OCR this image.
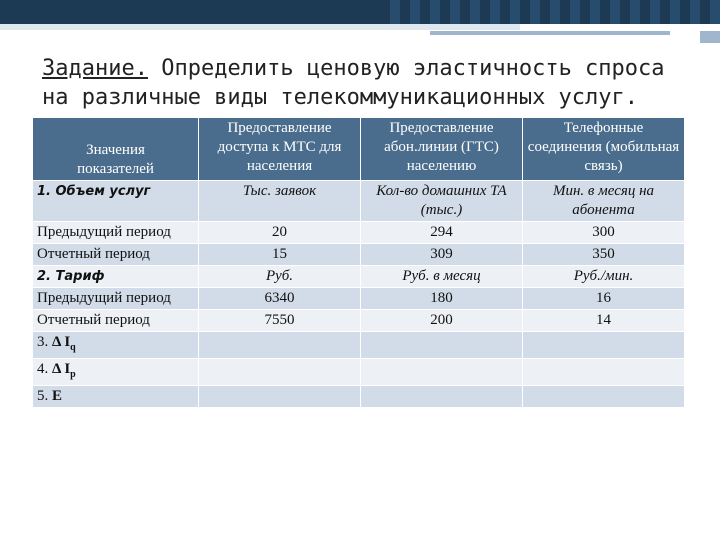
Задание. Определить ценовую эластичность спроса на различные виды телекоммуникационных услуг.
Значения
показателей	Предоставление доступа к МТС для населения	Предоставление абон.линии (ГТС) населению	Телефонные соединения (мобильная связь)
1. Объем услуг	Тыс. заявок	Кол-во домашних ТА (тыс.)	Мин. в месяц на абонента
Предыдущий период	20	294	300
Отчетный период	15	309	350
2. Тариф	Руб.	Руб. в месяц	Руб./мин.
Предыдущий период	6340	180	16
Отчетный период	7550	200	14
3. Δ $I_q$			
4. Δ $I_p$			
5. E			
